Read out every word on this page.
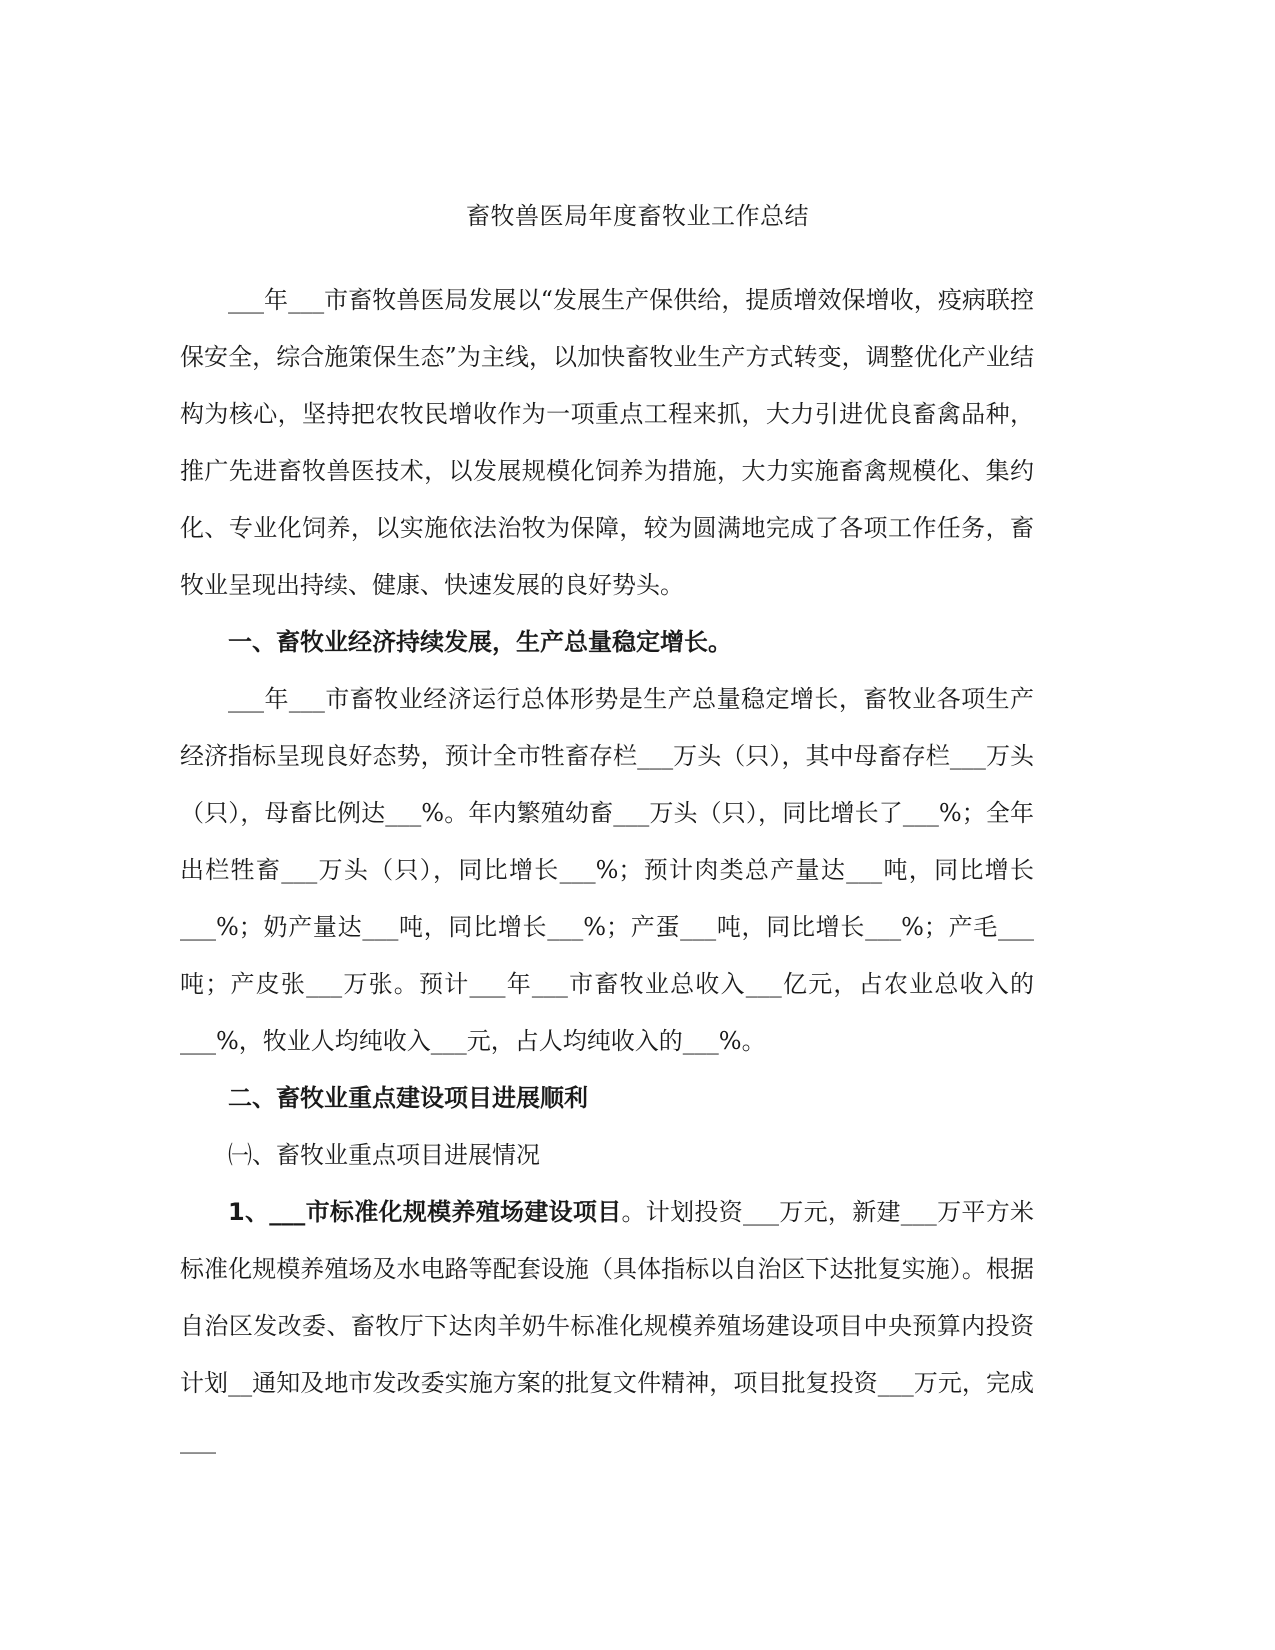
畜牧兽医局年度畜牧业工作总结

___年___市畜牧兽医局发展以“发展生产保供给，提质增效保增收，疫病联控保安全，综合施策保生态”为主线，以加快畜牧业生产方式转变，调整优化产业结构为核心，坚持把农牧民增收作为一项重点工程来抓，大力引进优良畜禽品种，推广先进畜牧兽医技术，以发展规模化饲养为措施，大力实施畜禽规模化、集约化、专业化饲养，以实施依法治牧为保障，较为圆满地完成了各项工作任务，畜牧业呈现出持续、健康、快速发展的良好势头。

一、畜牧业经济持续发展，生产总量稳定增长。

___年___市畜牧业经济运行总体形势是生产总量稳定增长，畜牧业各项生产经济指标呈现良好态势，预计全市牲畜存栏___万头（只），其中母畜存栏___万头（只），母畜比例达___%。年内繁殖幼畜___万头（只），同比增长了___%；全年出栏牲畜___万头（只），同比增长___%；预计肉类总产量达___吨，同比增长___%；奶产量达___吨，同比增长___%；产蛋___吨，同比增长___%；产毛___吨；产皮张___万张。预计___年___市畜牧业总收入___亿元，占农业总收入的___%，牧业人均纯收入___元，占人均纯收入的___%。

二、畜牧业重点建设项目进展顺利

㈠、畜牧业重点项目进展情况

1、___市标准化规模养殖场建设项目。计划投资___万元，新建___万平方米标准化规模养殖场及水电路等配套设施（具体指标以自治区下达批复实施）。根据自治区发改委、畜牧厅下达肉羊奶牛标准化规模养殖场建设项目中央预算内投资计划__通知及地市发改委实施方案的批复文件精神，项目批复投资___万元，完成___
